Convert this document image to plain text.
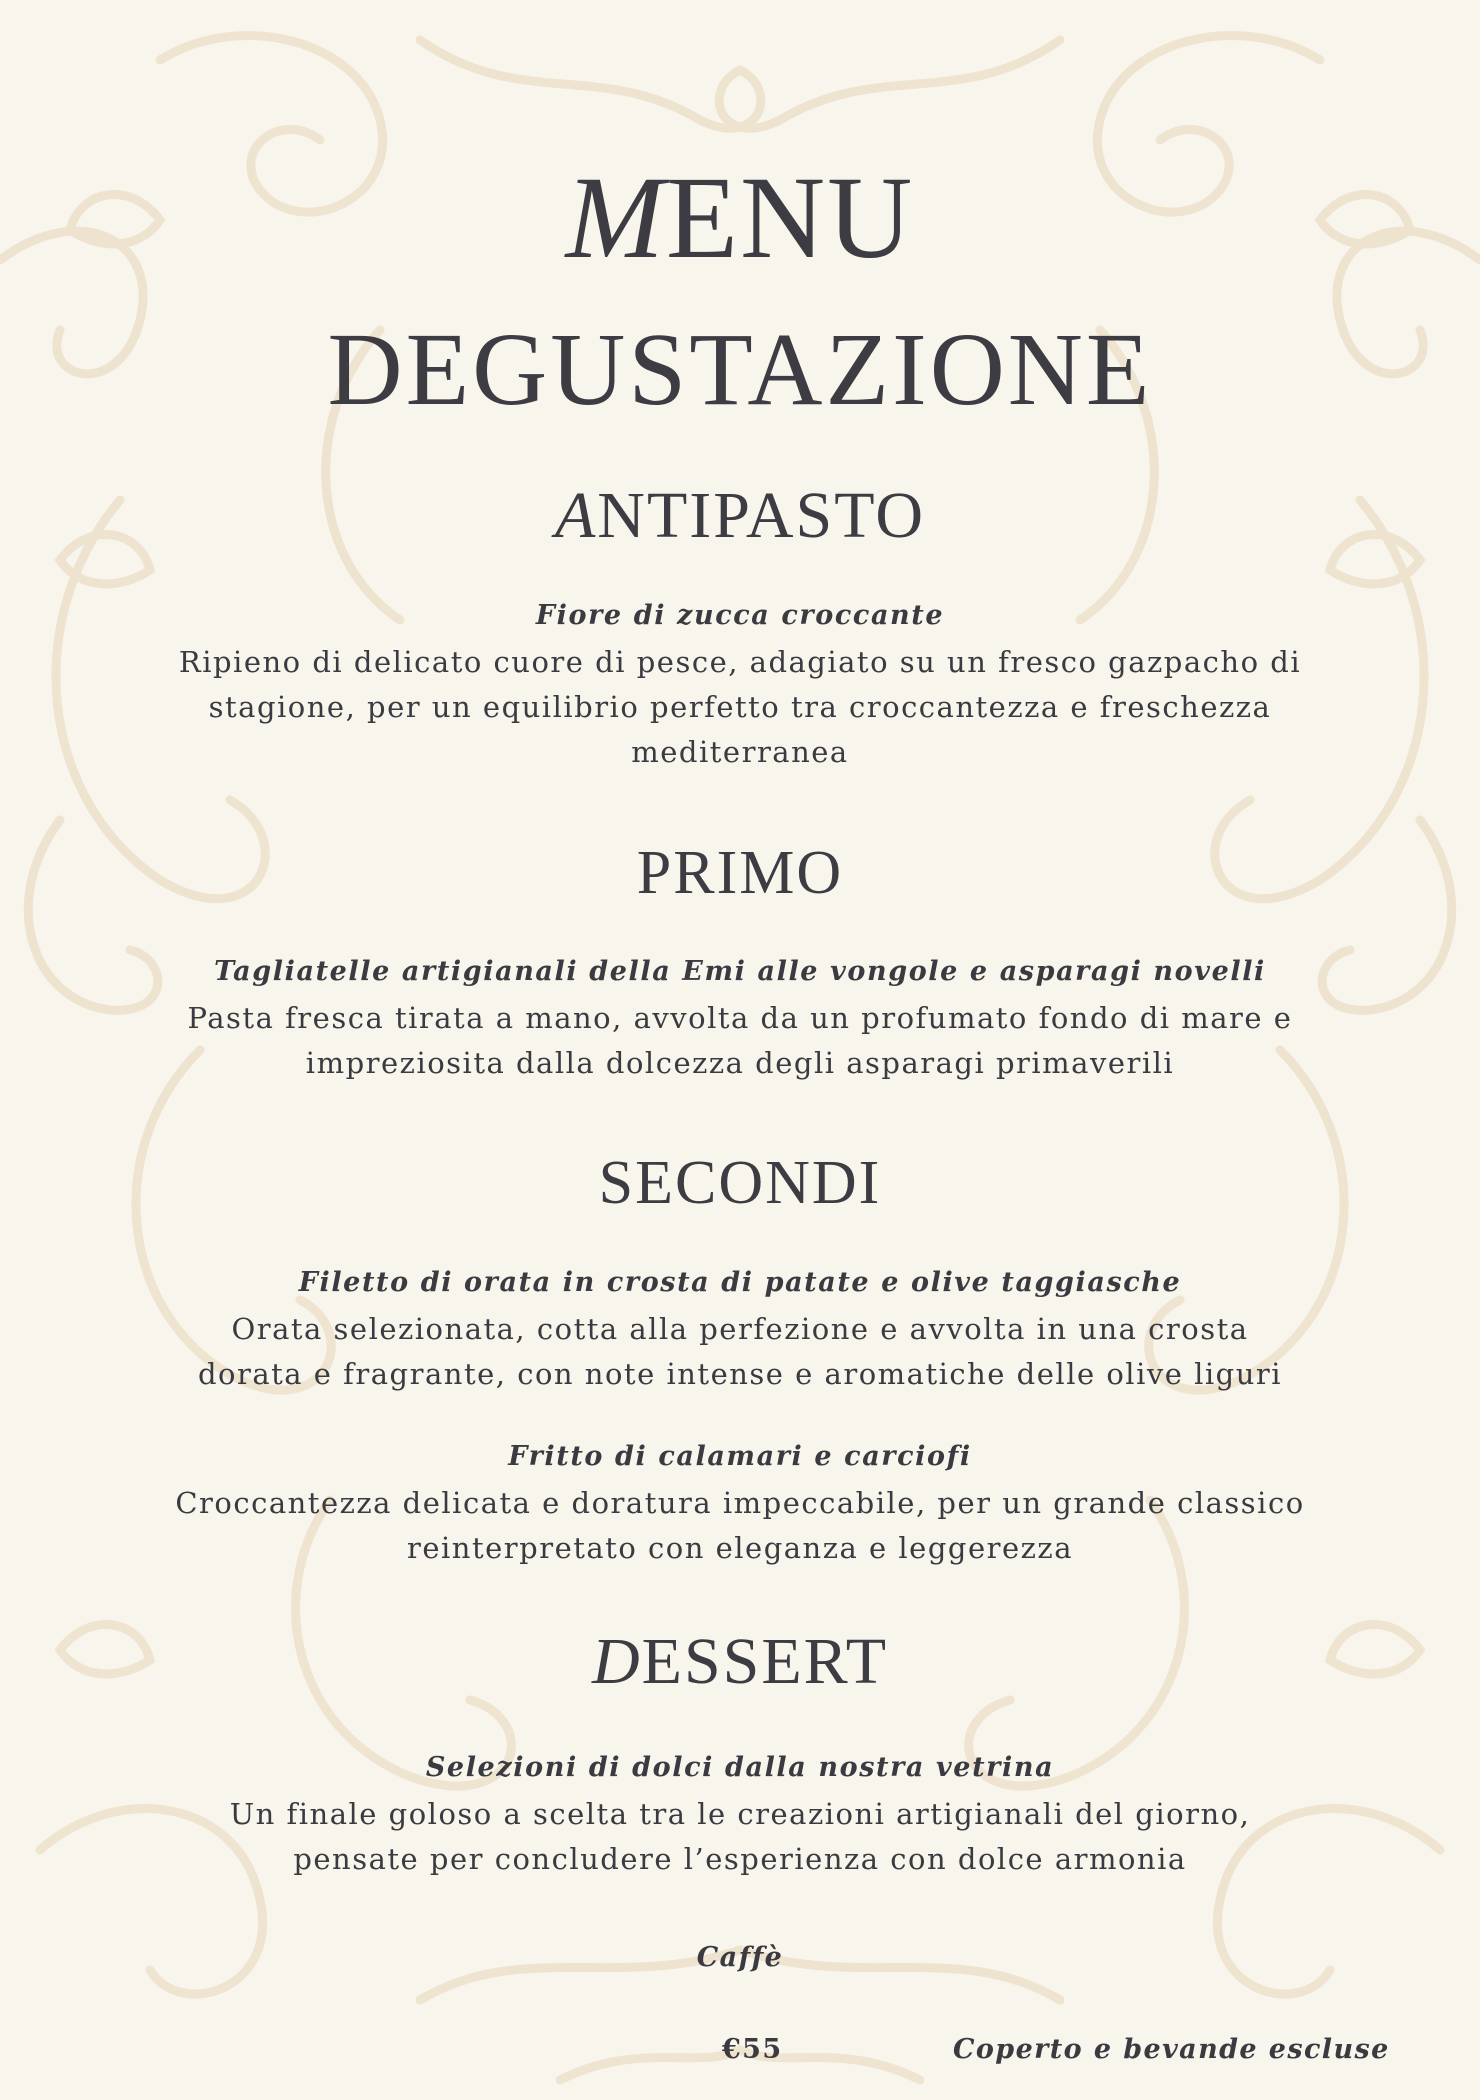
MENU
DEGUSTAZIONE
ANTIPASTO

Fiore di zucca croccante

Ripieno di delicato cuore di pesce, adagiato su un fresco gazpacho di
stagione, per un equilibrio perfetto tra croccantezza e freschezza
mediterranea
PRIMO

Tagliatelle artigianali della Emi alle vongole e asparagi novelli

Pasta fresca tirata a mano, avvolta da un profumato fondo di mare e
impreziosita dalla dolcezza degli asparagi primaverili
SECONDI

Filetto di orata in crosta di patate e olive taggiasche

Orata selezionata, cotta alla perfezione e avvolta in una crosta
dorata e fragrante, con note intense e aromatiche delle olive liguri

Fritto di calamari e carciofi

Croccantezza delicata e doratura impeccabile, per un grande classico
reinterpretato con eleganza e leggerezza
DESSERT

Selezioni di dolci dalla nostra vetrina

Un finale goloso a scelta tra le creazioni artigianali del giorno,
pensate per concludere l’esperienza con dolce armonia

Caffè

€55	Coperto e bevande escluse
